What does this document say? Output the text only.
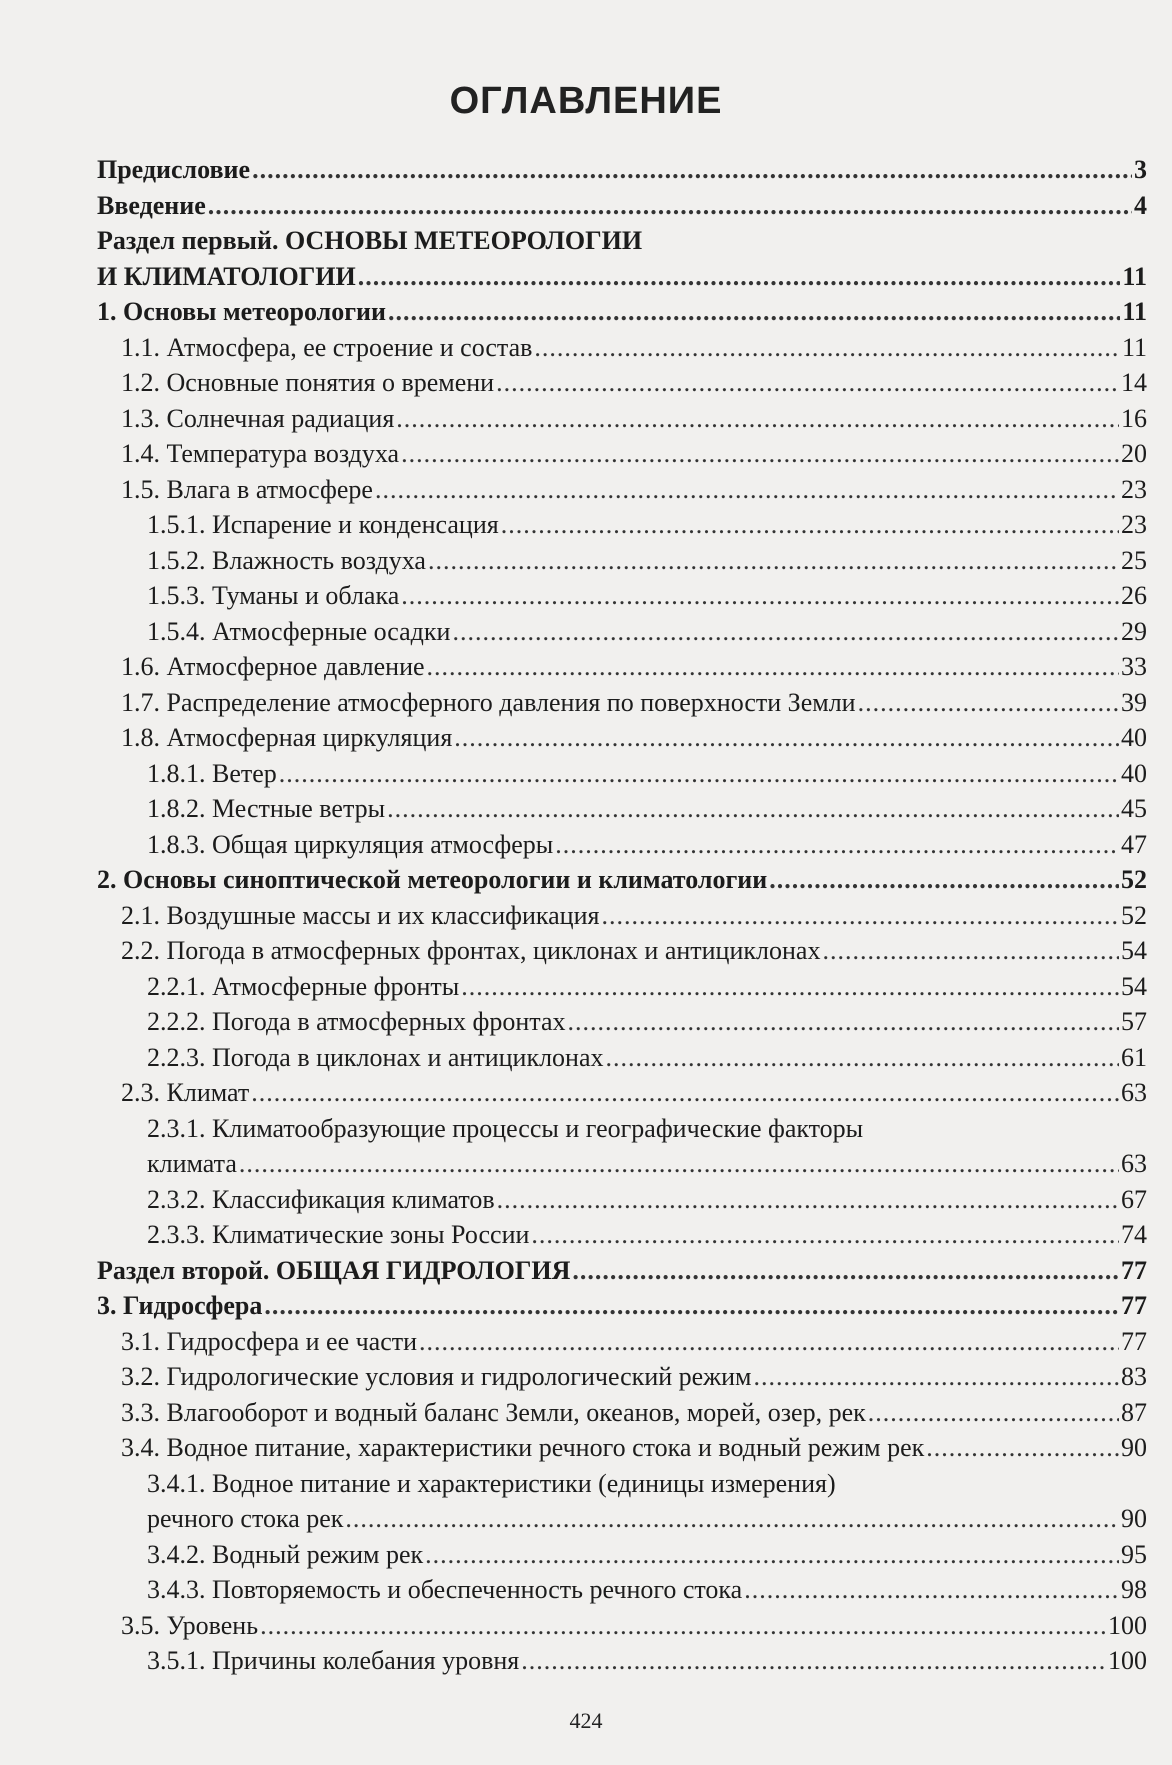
ОГЛАВЛЕНИЕ
Предисловие .....	3
Введение .....	4
Раздел первый. ОСНОВЫ МЕТЕОРОЛОГИИ
И КЛИМАТОЛОГИИ .....	11
1. Основы метеорологии .....	11
1.1. Атмосфера, ее строение и состав .....	11
1.2. Основные понятия о времени .....	14
1.3. Солнечная радиация .....	16
1.4. Температура воздуха .....	20
1.5. Влага в атмосфере .....	23
1.5.1. Испарение и конденсация .....	23
1.5.2. Влажность воздуха .....	25
1.5.3. Туманы и облака .....	26
1.5.4. Атмосферные осадки .....	29
1.6. Атмосферное давление .....	33
1.7. Распределение атмосферного давления по поверхности Земли .....	39
1.8. Атмосферная циркуляция .....	40
1.8.1. Ветер .....	40
1.8.2. Местные ветры .....	45
1.8.3. Общая циркуляция атмосферы .....	47
2. Основы синоптической метеорологии и климатологии .....	52
2.1. Воздушные массы и их классификация .....	52
2.2. Погода в атмосферных фронтах, циклонах и антициклонах .....	54
2.2.1. Атмосферные фронты .....	54
2.2.2. Погода в атмосферных фронтах .....	57
2.2.3. Погода в циклонах и антициклонах .....	61
2.3. Климат .....	63
2.3.1. Климатообразующие процессы и географические факторы
климата .....	63
2.3.2. Классификация климатов .....	67
2.3.3. Климатические зоны России .....	74
Раздел второй. ОБЩАЯ ГИДРОЛОГИЯ .....	77
3. Гидросфера .....	77
3.1. Гидросфера и ее части .....	77
3.2. Гидрологические условия и гидрологический режим .....	83
3.3. Влагооборот и водный баланс Земли, океанов, морей, озер, рек .....	87
3.4. Водное питание, характеристики речного стока и водный режим рек .....	90
3.4.1. Водное питание и характеристики (единицы измерения)
речного стока рек .....	90
3.4.2. Водный режим рек .....	95
3.4.3. Повторяемость и обеспеченность речного стока .....	98
3.5. Уровень .....	100
3.5.1. Причины колебания уровня .....	100
424
